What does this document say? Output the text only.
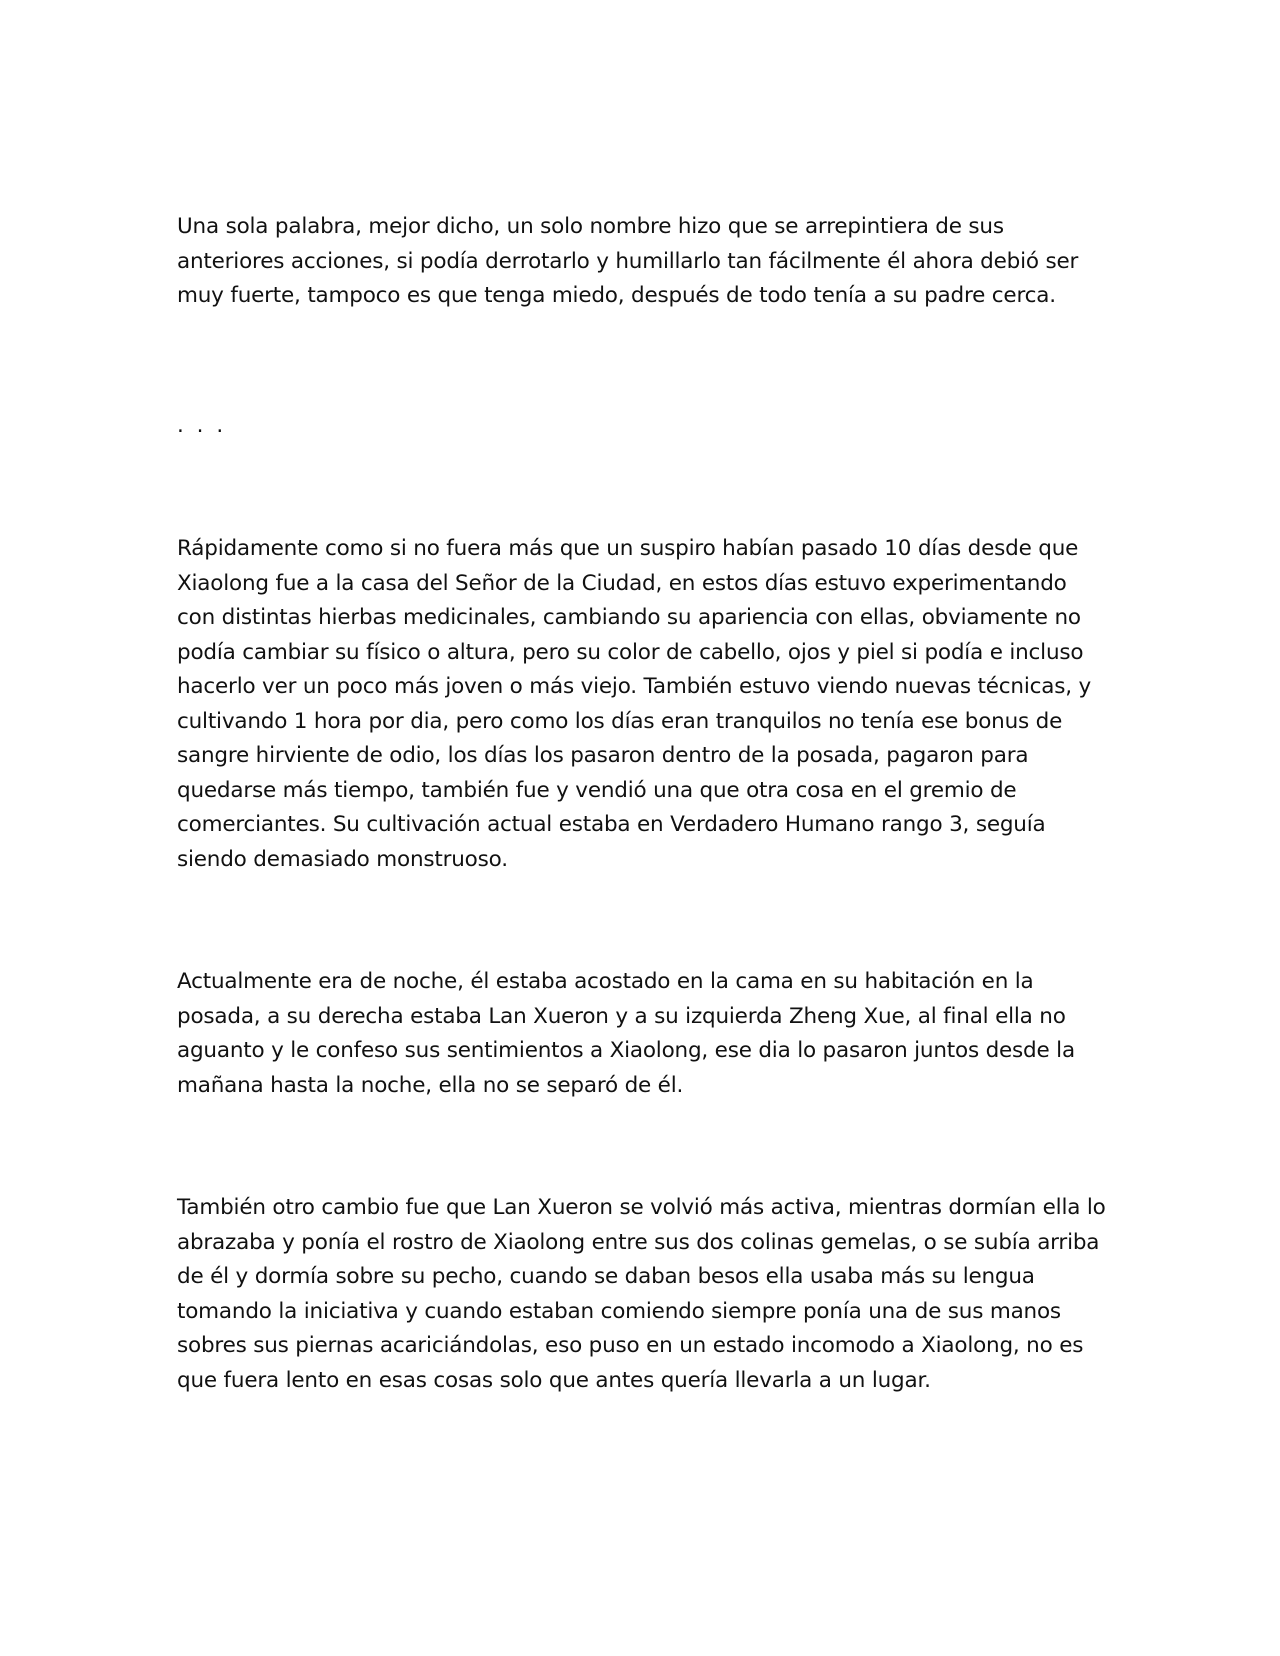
Una sola palabra, mejor dicho, un solo nombre hizo que se arrepintiera de sus
anteriores acciones, si podía derrotarlo y humillarlo tan fácilmente él ahora debió ser
muy fuerte, tampoco es que tenga miedo, después de todo tenía a su padre cerca.

. . .

Rápidamente como si no fuera más que un suspiro habían pasado 10 días desde que
Xiaolong fue a la casa del Señor de la Ciudad, en estos días estuvo experimentando
con distintas hierbas medicinales, cambiando su apariencia con ellas, obviamente no
podía cambiar su físico o altura, pero su color de cabello, ojos y piel si podía e incluso
hacerlo ver un poco más joven o más viejo. También estuvo viendo nuevas técnicas, y
cultivando 1 hora por dia, pero como los días eran tranquilos no tenía ese bonus de
sangre hirviente de odio, los días los pasaron dentro de la posada, pagaron para
quedarse más tiempo, también fue y vendió una que otra cosa en el gremio de
comerciantes. Su cultivación actual estaba en Verdadero Humano rango 3, seguía
siendo demasiado monstruoso.

Actualmente era de noche, él estaba acostado en la cama en su habitación en la
posada, a su derecha estaba Lan Xueron y a su izquierda Zheng Xue, al final ella no
aguanto y le confeso sus sentimientos a Xiaolong, ese dia lo pasaron juntos desde la
mañana hasta la noche, ella no se separó de él.

También otro cambio fue que Lan Xueron se volvió más activa, mientras dormían ella lo
abrazaba y ponía el rostro de Xiaolong entre sus dos colinas gemelas, o se subía arriba
de él y dormía sobre su pecho, cuando se daban besos ella usaba más su lengua
tomando la iniciativa y cuando estaban comiendo siempre ponía una de sus manos
sobres sus piernas acariciándolas, eso puso en un estado incomodo a Xiaolong, no es
que fuera lento en esas cosas solo que antes quería llevarla a un lugar.
